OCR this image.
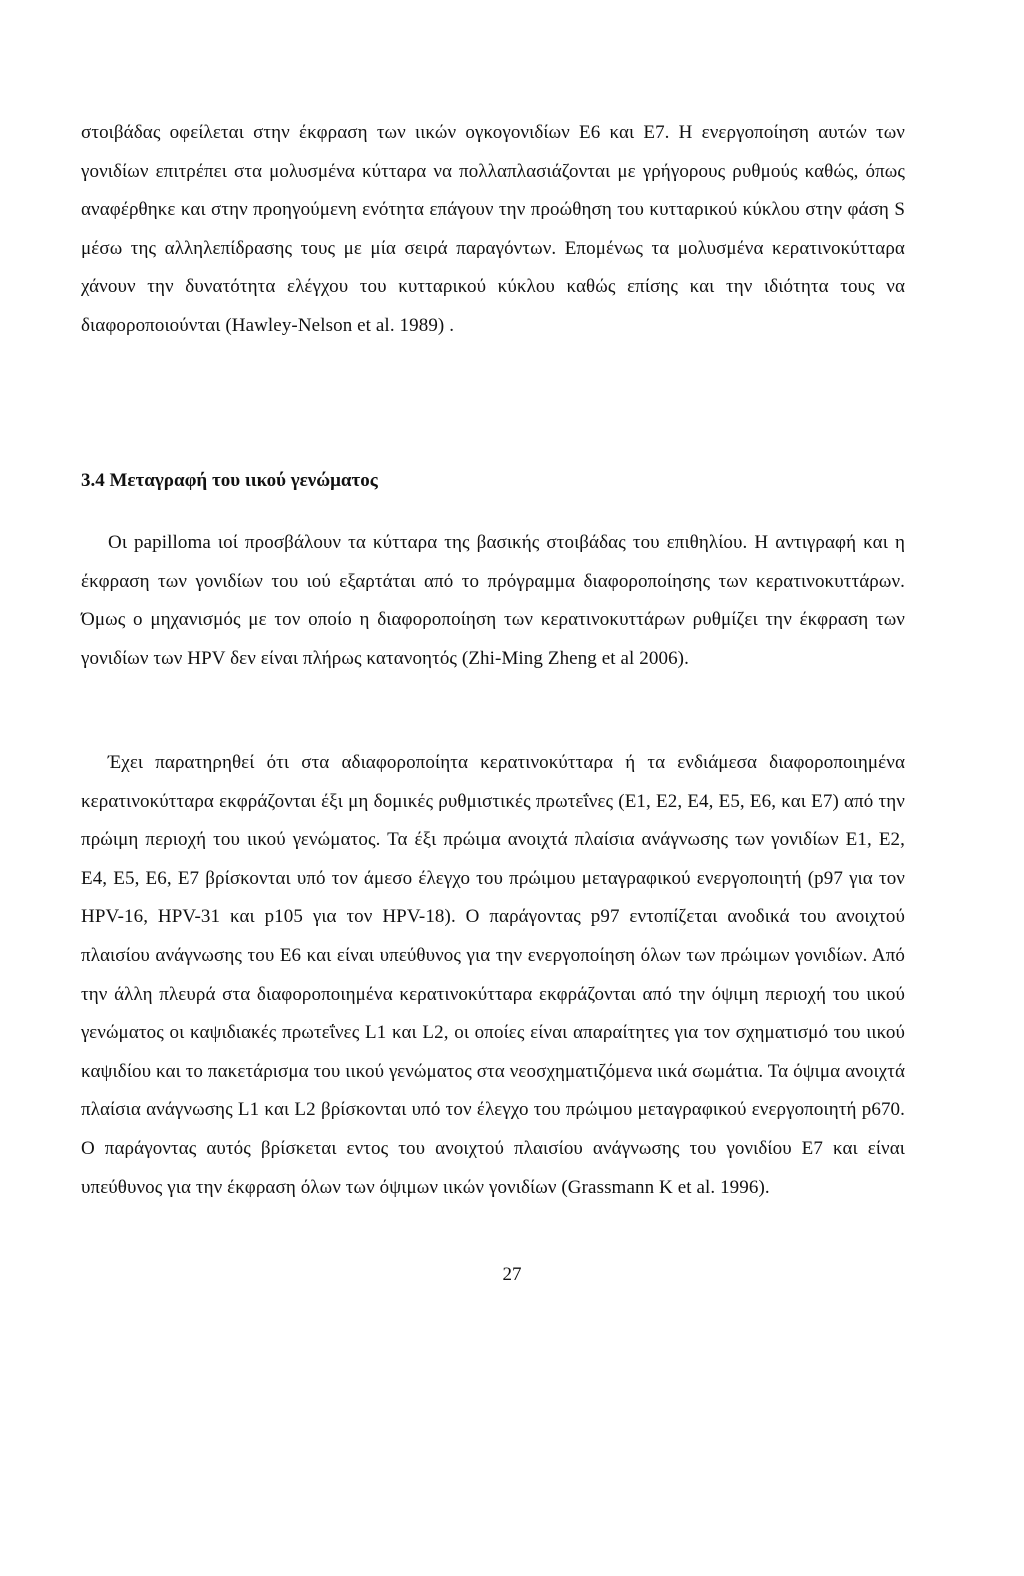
στοιβάδας οφείλεται στην έκφραση των ιικών ογκογονιδίων Ε6 και Ε7. Η ενεργοποίηση αυτών των γονιδίων επιτρέπει στα μολυσμένα κύτταρα να πολλαπλασιάζονται με γρήγορους ρυθμούς καθώς, όπως αναφέρθηκε και στην προηγούμενη ενότητα επάγουν την προώθηση του κυτταρικού κύκλου στην φάση S μέσω της αλληλεπίδρασης τους με μία σειρά παραγόντων. Επομένως τα μολυσμένα κερατινοκύτταρα χάνουν την δυνατότητα ελέγχου του κυτταρικού κύκλου καθώς επίσης και την ιδιότητα τους να διαφοροποιούνται (Hawley-Nelson et al. 1989) .

3.4 Μεταγραφή του ιικού γενώματος

Οι papilloma ιοί προσβάλουν τα κύτταρα της βασικής στοιβάδας του επιθηλίου. Η αντιγραφή και η έκφραση των γονιδίων του ιού εξαρτάται από το πρόγραμμα διαφοροποίησης των κερατινοκυττάρων. Όμως ο μηχανισμός με τον οποίο η διαφοροποίηση των κερατινοκυττάρων ρυθμίζει την έκφραση των γονιδίων των HPV δεν είναι πλήρως κατανοητός (Zhi-Ming Zheng et al 2006).

Έχει παρατηρηθεί ότι στα αδιαφοροποίητα κερατινοκύτταρα ή τα ενδιάμεσα διαφοροποιημένα κερατινοκύτταρα εκφράζονται έξι μη δομικές ρυθμιστικές πρωτεΐνες (Ε1, Ε2, Ε4, Ε5, Ε6, και Ε7) από την πρώιμη περιοχή του ιικού γενώματος. Τα έξι πρώιμα ανοιχτά πλαίσια ανάγνωσης των γονιδίων Ε1, Ε2, Ε4, Ε5, Ε6, Ε7 βρίσκονται υπό τον άμεσο έλεγχο του πρώιμου μεταγραφικού ενεργοποιητή (p97 για τον HPV-16, HPV-31 και p105 για τον HPV-18). Ο παράγοντας p97 εντοπίζεται ανοδικά του ανοιχτού πλαισίου ανάγνωσης του Ε6 και είναι υπεύθυνος για την ενεργοποίηση όλων των πρώιμων γονιδίων. Από την άλλη πλευρά στα διαφοροποιημένα κερατινοκύτταρα εκφράζονται από την όψιμη περιοχή του ιικού γενώματος οι καψιδιακές πρωτεΐνες L1 και L2, οι οποίες είναι απαραίτητες για τον σχηματισμό του ιικού καψιδίου και το πακετάρισμα του ιικού γενώματος στα νεοσχηματιζόμενα ιικά σωμάτια. Τα όψιμα ανοιχτά πλαίσια ανάγνωσης L1 και L2 βρίσκονται υπό τον έλεγχο του πρώιμου μεταγραφικού ενεργοποιητή p670. Ο παράγοντας αυτός βρίσκεται εντος του ανοιχτού πλαισίου ανάγνωσης του γονιδίου Ε7 και είναι υπεύθυνος για την έκφραση όλων των όψιμων ιικών γονιδίων (Grassmann K et al. 1996).

27
